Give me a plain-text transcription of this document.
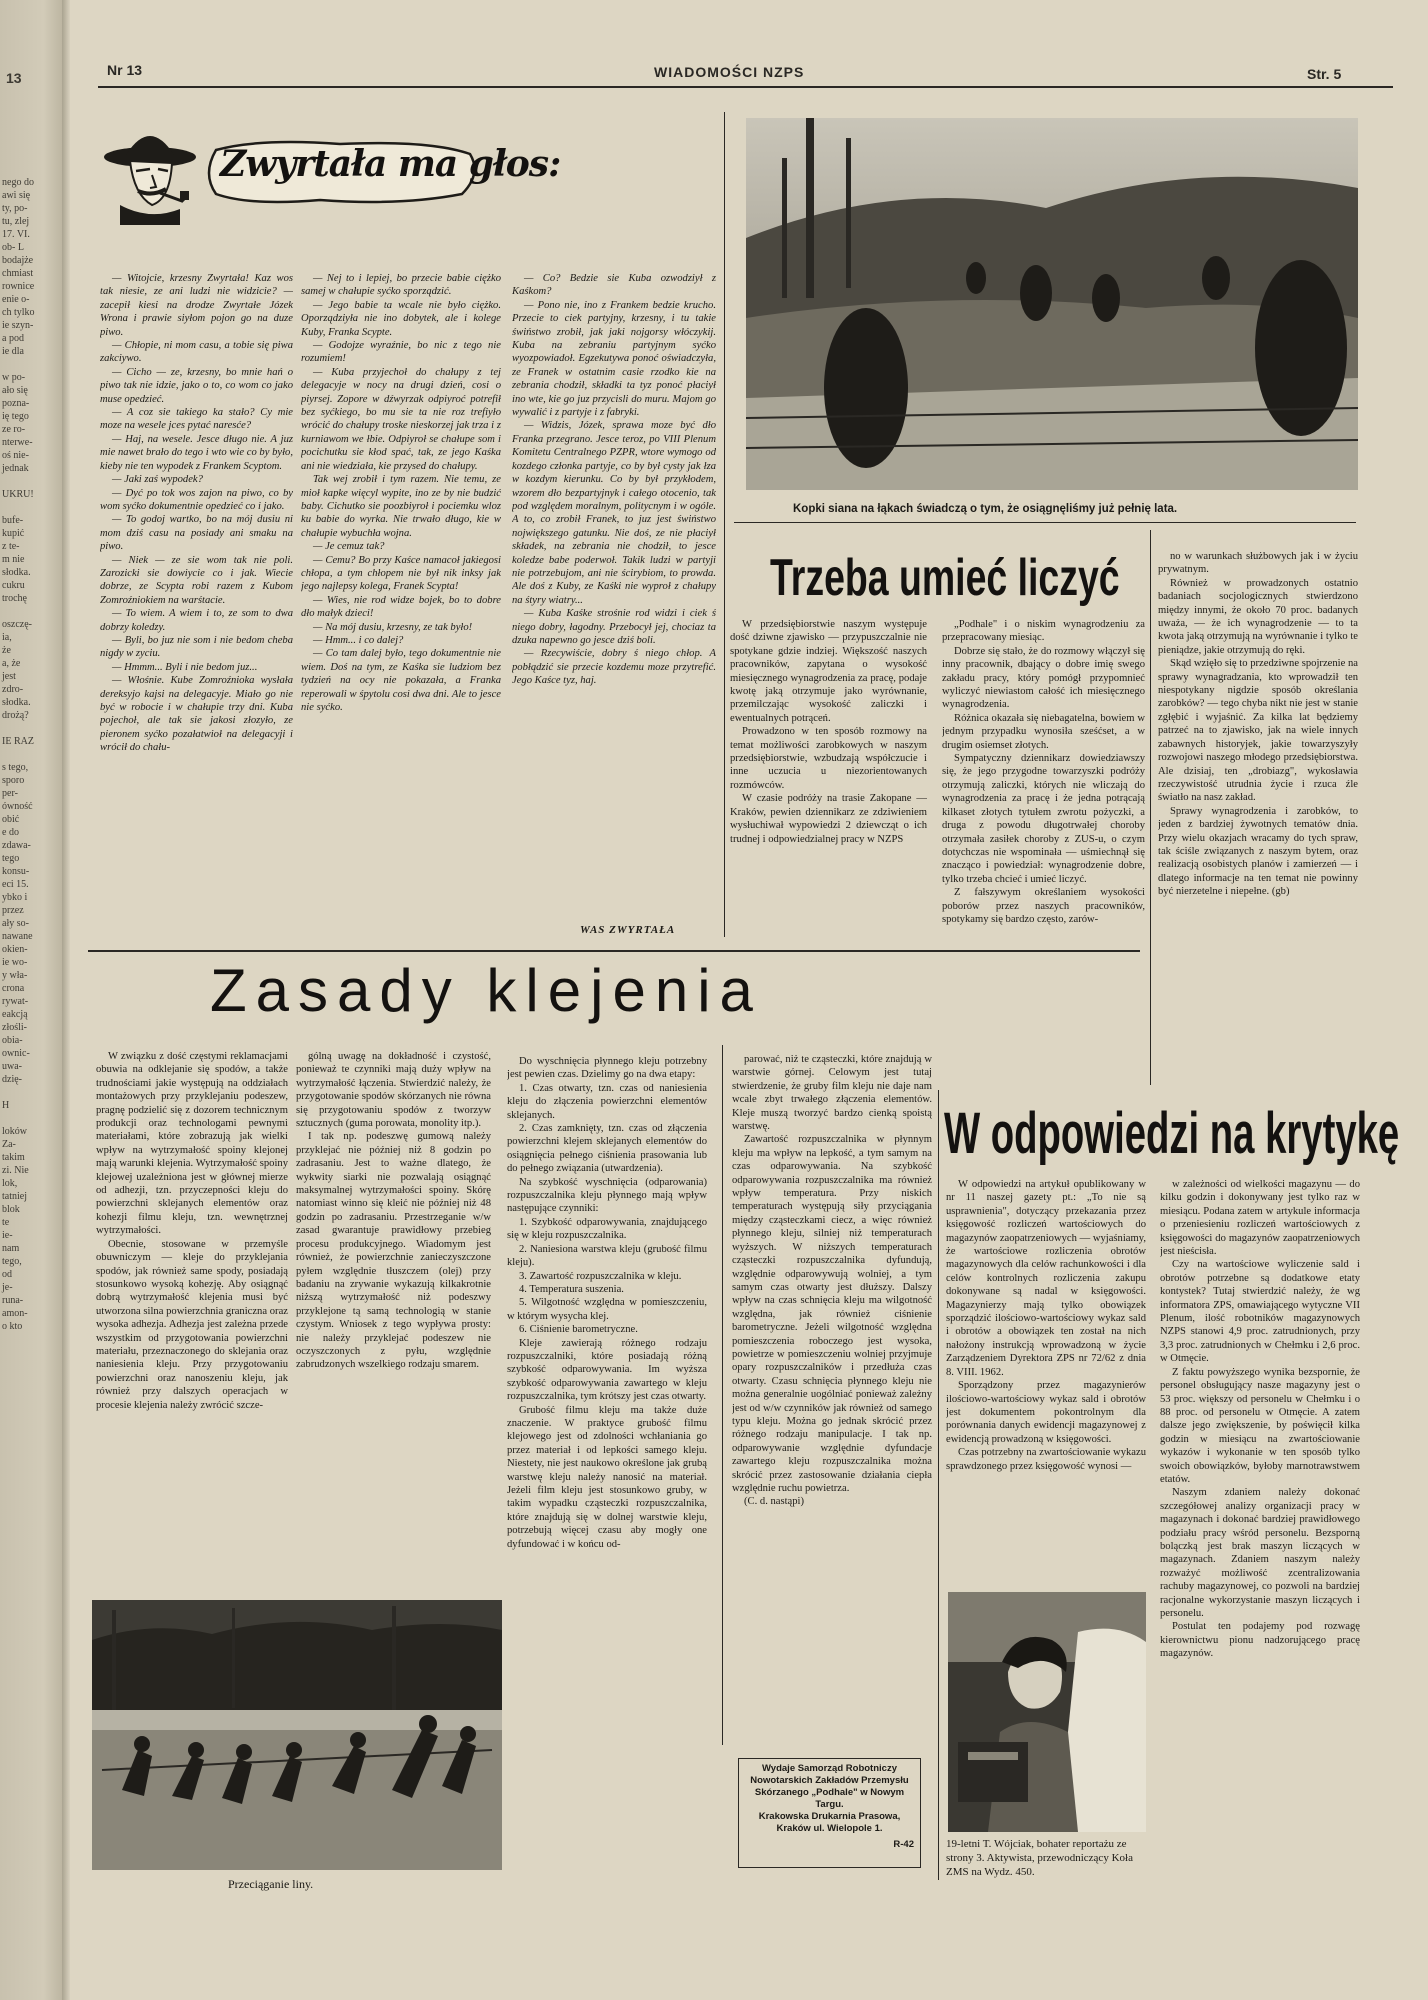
13
nego do
awi się
ty, po-
tu, zlej
17. VI.
ob- L
bodajże
chmiast
rownice
enie o-
ch tylko
ie szyn-
a pod
ie dla
w po-
ało się
pozna-
ię tego
ze ro-
nterwe-
oś nie-
jednak
UKRU!
bufe-
kupić
z te-
m nie
słodka.
cukru
trochę
oszczę-
ia,
że
a, że
jest
zdro-
słodka.
drożą?
IE RAZ
s tego,
sporo
per-
ówność
obić
e do
zdawa-
tego
konsu-
eci 15.
ybko i
przez
ały so-
nawane
okien-
ie wo-
y wła-
crona
rywat-
eakcją
złośli-
obia-
ownic-
uwa-
dzię-
H
loków
Za-
takim
zi. Nie
lok,
tatniej
blok
te
ie-
nam
tego,
od
je-
runa-
amon-
o kto
Nr 13	WIADOMOŚCI NZPS	Str. 5
Zwyrtała ma głos:

— Witojcie, krzesny Zwyrtała! Kaz wos tak niesie, ze ani ludzi nie widzicie? — zacepił kiesi na drodze Zwyrtałe Józek Wrona i prawie siyłom pojon go na duze piwo.

— Chłopie, ni mom casu, a tobie się piwa zakciywo.

— Cicho — ze, krzesny, bo mnie hań o piwo tak nie idzie, jako o to, co wom co jako muse opedzieć.

— A coz sie takiego ka stało? Cy mie moze na wesele jces pytać naresće?

— Haj, na wesele. Jesce długo nie. A juz mie nawet brało do tego i wto wie co by było, kieby nie ten wypodek z Frankem Scyptom.

— Jaki zaś wypodek?

— Dyć po tok wos zajon na piwo, co by wom syćko dokumentnie opedzieć co i jako.

— To godoj wartko, bo na mój dusiu ni mom dziś casu na posiady ani smaku na piwo.

— Niek — ze sie wom tak nie poli. Zarozicki sie dowiycie co i jak. Wiecie dobrze, ze Scypta robi razem z Kubom Zomroźniokiem na warśtacie.

— To wiem. A wiem i to, ze som to dwa dobrzy koledzy.

— Byli, bo juz nie som i nie bedom cheba nigdy w zyciu.

— Hmmm... Byli i nie bedom juz...

— Włośnie. Kube Zomroźnioka wysłała dereksyjo kajsi na delegacyje. Miało go nie być w robocie i w chałupie trzy dni. Kuba pojechoł, ale tak sie jakosi złozyło, ze pieronem syćko pozałatwioł na delegacyji i wrócił do chału-

— Nej to i lepiej, bo przecie babie ciężko samej w chałupie syćko sporządzić.

— Jego babie ta wcale nie było ciężko. Oporządziyła nie ino dobytek, ale i kolege Kuby, Franka Scypte.

— Godojze wyraźnie, bo nic z tego nie rozumiem!

— Kuba przyjechoł do chałupy z tej delegacyje w nocy na drugi dzień, cosi o piyrsej. Zopore w dźwyrzak odpiyroć potrefił bez syćkiego, bo mu sie ta nie roz trefiyło wrócić do chałupy troske nieskorzej jak trza i z kurniawom we łbie. Odpiyroł se chałupe som i pocichutku sie kłod spać, tak, ze jego Kaśka ani nie wiedziała, kie przysed do chałupy.

Tak wej zrobił i tym razem. Nie temu, ze mioł kapke więcyl wypite, ino ze by nie budzić baby. Cichutko sie poozbiyroł i pociemku wloz ku babie do wyrka. Nie trwało długo, kie w chałupie wybuchła wojna.

— Je cemuz tak?

— Cemu? Bo przy Kaśce namacoł jakiegosi chłopa, a tym chłopem nie był nik inksy jak jego najlepsy kolega, Franek Scypta!

— Wies, nie rod widze bojek, bo to dobre dło małyk dzieci!

— Na mój dusiu, krzesny, ze tak było!

— Hmm... i co dalej?

— Co tam dalej było, tego dokumentnie nie wiem. Doś na tym, ze Kaśka sie ludziom bez tydzień na ocy nie pokazała, a Franka reperowali w śpytolu cosi dwa dni. Ale to jesce nie syćko.

— Co? Bedzie sie Kuba ozwodziył z Kaśkom?

— Pono nie, ino z Frankem bedzie krucho. Przecie to ciek partyjny, krzesny, i tu takie świństwo zrobił, jak jaki nojgorsy włóczykij. Kuba na zebraniu partyjnym syćko wyozpowiadoł. Egzekutywa ponoć oświadczyła, ze Franek w ostatnim casie rzodko kie na zebrania chodził, składki ta tyz ponoć płaciył ino wte, kie go juz przycisli do muru. Majom go wywalić i z partyje i z fabryki.

— Widzis, Józek, sprawa moze być dło Franka przegrano. Jesce teroz, po VIII Plenum Komitetu Centralnego PZPR, wtore wymogo od kozdego członka partyje, co by był cysty jak łza w kozdym kierunku. Co by był przykłodem, wzorem dło bezpartyjnyk i całego otocenio, tak pod względem moralnym, politycnym i w ogóle. A to, co zrobił Franek, to juz jest świństwo nojwiększego gatunku. Nie doś, ze nie płaciył składek, na zebrania nie chodził, to jesce koledze babe poderwoł. Takik ludzi w partyji nie potrzebujom, ani nie ścirybiom, to prowda. Ale doś z Kuby, ze Kaśki nie wyproł z chałupy na śtyry wiatry...

— Kuba Kaśke strośnie rod widzi i ciek ś niego dobry, łagodny. Przebocył jej, chociaz ta dzuka napewno go jesce dziś boli.

— Rzecywiście, dobry ś niego chłop. A pobłądzić sie przecie kozdemu moze przytrefić. Jego Kaśce tyz, haj.

WAS ZWYRTAŁA
Kopki siana na łąkach świadczą o tym, że osiągnęliśmy już pełnię lata.
Trzeba umieć liczyć

W przedsiębiorstwie naszym występuje dość dziwne zjawisko — przypuszczalnie nie spotykane gdzie indziej. Większość naszych pracowników, zapytana o wysokość miesięcznego wynagrodzenia za pracę, podaje kwotę jaką otrzymuje jako wyrównanie, przemilczając wysokość zaliczki i ewentualnych potrąceń.

Prowadzono w ten sposób rozmowy na temat możliwości zarobkowych w naszym przedsiębiorstwie, wzbudzają współczucie i inne uczucia u niezorientowanych rozmówców.

W czasie podróży na trasie Zakopane — Kraków, pewien dziennikarz ze zdziwieniem wysłuchiwał wypowiedzi 2 dziewcząt o ich trudnej i odpowiedzialnej pracy w NZPS

„Podhale" i o niskim wynagrodzeniu za przepracowany miesiąc.

Dobrze się stało, że do rozmowy włączył się inny pracownik, dbający o dobre imię swego zakładu pracy, który pomógł przypomnieć wyliczyć niewiastom całość ich miesięcznego wynagrodzenia.

Różnica okazała się niebagatelna, bowiem w jednym przypadku wynosiła sześćset, a w drugim osiemset złotych.

Sympatyczny dziennikarz dowiedziawszy się, że jego przygodne towarzyszki podróży otrzymują zaliczki, których nie wliczają do wynagrodzenia za pracę i że jedna potrącają kilkaset złotych tytułem zwrotu pożyczki, a druga z powodu długotrwałej choroby otrzymała zasiłek choroby z ZUS-u, o czym dotychczas nie wspominała — uśmiechnął się znacząco i powiedział: wynagrodzenie dobre, tylko trzeba chcieć i umieć liczyć.

Z fałszywym określaniem wysokości poborów przez naszych pracowników, spotykamy się bardzo często, zarów-

no w warunkach służbowych jak i w życiu prywatnym.

Również w prowadzonych ostatnio badaniach socjologicznych stwierdzono między innymi, że około 70 proc. badanych uważa, — że ich wynagrodzenie — to ta kwota jaką otrzymują na wyrównanie i tylko te pieniądze, jakie otrzymują do ręki.

Skąd wzięło się to przedziwne spojrzenie na sprawy wynagradzania, kto wprowadził ten niespotykany nigdzie sposób określania zarobków? — tego chyba nikt nie jest w stanie zgłębić i wyjaśnić. Za kilka lat będziemy patrzeć na to zjawisko, jak na wiele innych zabawnych historyjek, jakie towarzyszyły rozwojowi naszego młodego przedsiębiorstwa. Ale dzisiaj, ten „drobiazg", wykosławia rzeczywistość utrudnia życie i rzuca źle światło na nasz zakład.

Sprawy wynagrodzenia i zarobków, to jeden z bardziej żywotnych tematów dnia. Przy wielu okazjach wracamy do tych spraw, tak ściśle związanych z naszym bytem, oraz realizacją osobistych planów i zamierzeń — i dlatego informacje na ten temat nie powinny być nierzetelne i niepełne. (gb)

Zasady klejenia

W związku z dość częstymi reklamacjami obuwia na odklejanie się spodów, a także trudnościami jakie występują na oddziałach montażowych przy przyklejaniu podeszew, pragnę podzielić się z dozorem technicznym produkcji oraz technologami pewnymi materiałami, które zobrazują jak wielki wpływ na wytrzymałość spoiny klejonej mają warunki klejenia. Wytrzymałość spoiny klejowej uzależniona jest w głównej mierze od adhezji, tzn. przyczepności kleju do powierzchni sklejanych elementów oraz kohezji filmu kleju, tzn. wewnętrznej wytrzymałości.

Obecnie, stosowane w przemyśle obuwniczym — kleje do przyklejania spodów, jak również same spody, posiadają stosunkowo wysoką kohezję. Aby osiągnąć dobrą wytrzymałość klejenia musi być utworzona silna powierzchnia graniczna oraz wysoka adhezja. Adhezja jest zależna przede wszystkim od przygotowania powierzchni materiału, przeznaczonego do sklejania oraz naniesienia kleju. Przy przygotowaniu powierzchni oraz nanoszeniu kleju, jak również przy dalszych operacjach w procesie klejenia należy zwrócić szcze-

gólną uwagę na dokładność i czystość, ponieważ te czynniki mają duży wpływ na wytrzymałość łączenia. Stwierdzić należy, że przygotowanie spodów skórzanych nie równa się przygotowaniu spodów z tworzyw sztucznych (guma porowata, monolity itp.).

I tak np. podeszwę gumową należy przyklejać nie później niż 8 godzin po zadrasaniu. Jest to ważne dlatego, że wykwity siarki nie pozwalają osiągnąć maksymalnej wytrzymałości spoiny. Skórę natomiast winno się kleić nie później niż 48 godzin po zadrasaniu. Przestrzeganie w/w zasad gwarantuje prawidłowy przebieg procesu produkcyjnego. Wiadomym jest również, że powierzchnie zanieczyszczone pyłem względnie tłuszczem (olej) przy badaniu na zrywanie wykazują kilkakrotnie niższą wytrzymałość niż podeszwy przyklejone tą samą technologią w stanie czystym. Wniosek z tego wypływa prosty: nie należy przyklejać podeszew nie oczyszczonych z pyłu, względnie zabrudzonych wszelkiego rodzaju smarem.

Do wyschnięcia płynnego kleju potrzebny jest pewien czas. Dzielimy go na dwa etapy:

1. Czas otwarty, tzn. czas od naniesienia kleju do złączenia powierzchni elementów sklejanych.

2. Czas zamknięty, tzn. czas od złączenia powierzchni klejem sklejanych elementów do osiągnięcia pełnego ciśnienia prasowania lub do pełnego związania (utwardzenia).

Na szybkość wyschnięcia (odparowania) rozpuszczalnika kleju płynnego mają wpływ następujące czynniki:

1. Szybkość odparowywania, znajdującego się w kleju rozpuszczalnika.

2. Naniesiona warstwa kleju (grubość filmu kleju).

3. Zawartość rozpuszczalnika w kleju.

4. Temperatura suszenia.

5. Wilgotność względna w pomieszczeniu, w którym wysycha klej.

6. Ciśnienie barometryczne.

Kleje zawierają różnego rodzaju rozpuszczalniki, które posiadają różną szybkość odparowywania. Im wyższa szybkość odparowywania zawartego w kleju rozpuszczalnika, tym krótszy jest czas otwarty.

Grubość filmu kleju ma także duże znaczenie. W praktyce grubość filmu klejowego jest od zdolności wchłaniania go przez materiał i od lepkości samego kleju. Niestety, nie jest naukowo określone jak grubą warstwę kleju należy nanosić na materiał. Jeżeli film kleju jest stosunkowo gruby, w takim wypadku cząsteczki rozpuszczalnika, które znajdują się w dolnej warstwie kleju, potrzebują więcej czasu aby mogły one dyfundować i w końcu od-

parować, niż te cząsteczki, które znajdują w warstwie górnej. Celowym jest tutaj stwierdzenie, że gruby film kleju nie daje nam wcale zbyt trwałego złączenia elementów. Kleje muszą tworzyć bardzo cienką spoistą warstwę.

Zawartość rozpuszczalnika w płynnym kleju ma wpływ na lepkość, a tym samym na czas odparowywania. Na szybkość odparowywania rozpuszczalnika ma również wpływ temperatura. Przy niskich temperaturach występują siły przyciągania między cząsteczkami ciecz, a więc również płynnego kleju, silniej niż temperaturach wyższych. W niższych temperaturach cząsteczki rozpuszczalnika dyfundują, względnie odparowywują wolniej, a tym samym czas otwarty jest dłuższy. Dalszy wpływ na czas schnięcia kleju ma wilgotność względna, jak również ciśnienie barometryczne. Jeżeli wilgotność względna pomieszczenia roboczego jest wysoka, powietrze w pomieszczeniu wolniej przyjmuje opary rozpuszczalników i przedłuża czas otwarty. Czasu schnięcia płynnego kleju nie można generalnie uogólniać ponieważ zależny jest od w/w czynników jak również od samego typu kleju. Można go jednak skrócić przez różnego rodzaju manipulacje. I tak np. odparowywanie względnie dyfundacje zawartego kleju rozpuszczalnika można skrócić przez zastosowanie działania ciepła względnie ruchu powietrza.

(C. d. nastąpi)

Wydaje Samorząd Robotniczy Nowotarskich Zakładów Przemysłu Skórzanego „Podhale" w Nowym Targu.
Krakowska Drukarnia Prasowa, Kraków ul. Wielopole 1.
R-42
Przeciąganie liny.
W odpowiedzi na krytykę

W odpowiedzi na artykuł opublikowany w nr 11 naszej gazety pt.: „To nie są usprawnienia", dotyczący przekazania przez księgowość rozliczeń wartościowych do magazynów zaopatrzeniowych — wyjaśniamy, że wartościowe rozliczenia obrotów magazynowych dla celów rachunkowości i dla celów kontrolnych rozliczenia zakupu dokonywane są nadal w księgowości. Magazynierzy mają tylko obowiązek sporządzić ilościowo-wartościowy wykaz sald i obrotów a obowiązek ten został na nich nałożony instrukcją wprowadzoną w życie Zarządzeniem Dyrektora ZPS nr 72/62 z dnia 8. VIII. 1962.

Sporządzony przez magazynierów ilościowo-wartościowy wykaz sald i obrotów jest dokumentem pokontrolnym dla porównania danych ewidencji magazynowej z ewidencją prowadzoną w księgowości.

Czas potrzebny na zwartościowanie wykazu sprawdzonego przez księgowość wynosi —

w zależności od wielkości magazynu — do kilku godzin i dokonywany jest tylko raz w miesiącu. Podana zatem w artykule informacja o przeniesieniu rozliczeń wartościowych z księgowości do magazynów zaopatrzeniowych jest nieścisła.

Czy na wartościowe wyliczenie sald i obrotów potrzebne są dodatkowe etaty kontystek? Tutaj stwierdzić należy, że wg informatora ZPS, omawiającego wytyczne VII Plenum, ilość robotników magazynowych NZPS stanowi 4,9 proc. zatrudnionych, przy 3,3 proc. zatrudnionych w Chełmku i 2,6 proc. w Otmęcie.

Z faktu powyższego wynika bezspornie, że personel obsługujący nasze magazyny jest o 53 proc. większy od personelu w Chełmku i o 88 proc. od personelu w Otmęcie. A zatem dalsze jego zwiększenie, by poświęcił kilka godzin w miesiącu na zwartościowanie wykazów i wykonanie w ten sposób tylko swoich obowiązków, byłoby marnotrawstwem etatów.

Naszym zdaniem należy dokonać szczegółowej analizy organizacji pracy w magazynach i dokonać bardziej prawidłowego podziału pracy wśród personelu. Bezsporną bolączką jest brak maszyn liczących w magazynach. Zdaniem naszym należy rozważyć możliwość zcentralizowania rachuby magazynowej, co pozwoli na bardziej racjonalne wykorzystanie maszyn liczących i personelu.

Postulat ten podajemy pod rozwagę kierownictwu pionu nadzorującego pracę magazynów.

19-letni T. Wójciak, bohater reportażu ze strony 3. Aktywista, przewodniczący Koła ZMS na Wydz. 450.
